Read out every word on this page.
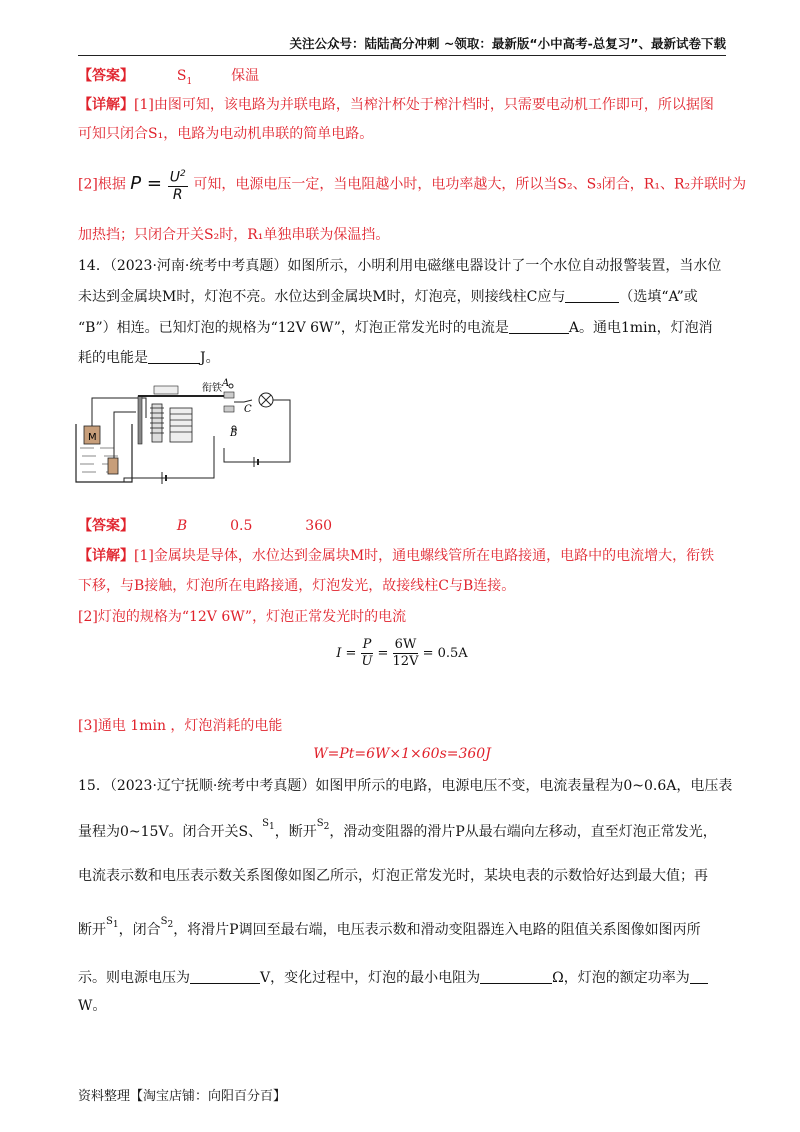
关注公众号：陆陆高分冲刺 ~领取：最新版“小中高考-总复习”、最新试卷下载
【答案】	$S_1$	保温
【详解】[1]由图可知，该电路为并联电路，当榨汁杯处于榨汁档时，只需要电动机工作即可，所以据图
可知只闭合S₁，电路为电动机串联的简单电路。
[2]根据 $P = \frac{U^2}{R}$ 可知，电源电压一定，当电阻越小时，电功率越大，所以当S₂、S₃闭合，R₁、R₂并联时为
加热挡；只闭合开关S₂时，R₁单独串联为保温挡。
14．（2023·河南·统考中考真题）如图所示，小明利用电磁继电器设计了一个水位自动报警装置，当水位
未达到金属块M时，灯泡不亮。水位达到金属块M时，灯泡亮，则接线柱C应与	（选填“A”或
“B”）相连。已知灯泡的规格为“12V 6W”，灯泡正常发光时的电流是	A。通电1min，灯泡消
耗的电能是	J。
M
衔铁 A
B
C
【答案】	B	0.5	360
【详解】[1]金属块是导体，水位达到金属块M时，通电螺线管所在电路接通，电路中的电流增大，衔铁
下移，与B接触，灯泡所在电路接通，灯泡发光，故接线柱C与B连接。
[2]灯泡的规格为“12V 6W”，灯泡正常发光时的电流
$I = \frac{P}{U} = \frac{6W}{12V} = 0.5A$
[3]通电 1min ，灯泡消耗的电能
W=Pt=6W×1×60s=360J
15．（2023·辽宁抚顺·统考中考真题）如图甲所示的电路，电源电压不变，电流表量程为0~0.6A，电压表
量程为0~15V。闭合开关S、$^{S_1}$，断开$^{S_2}$，滑动变阻器的滑片P从最右端向左移动，直至灯泡正常发光，
电流表示数和电压表示数关系图像如图乙所示，灯泡正常发光时，某块电表的示数恰好达到最大值；再
断开$^{S_1}$，闭合$^{S_2}$，将滑片P调回至最右端，电压表示数和滑动变阻器连入电路的阻值关系图像如图丙所
示。则电源电压为	V，变化过程中，灯泡的最小电阻为	Ω，灯泡的额定功率为
W。
资料整理【淘宝店铺：向阳百分百】
